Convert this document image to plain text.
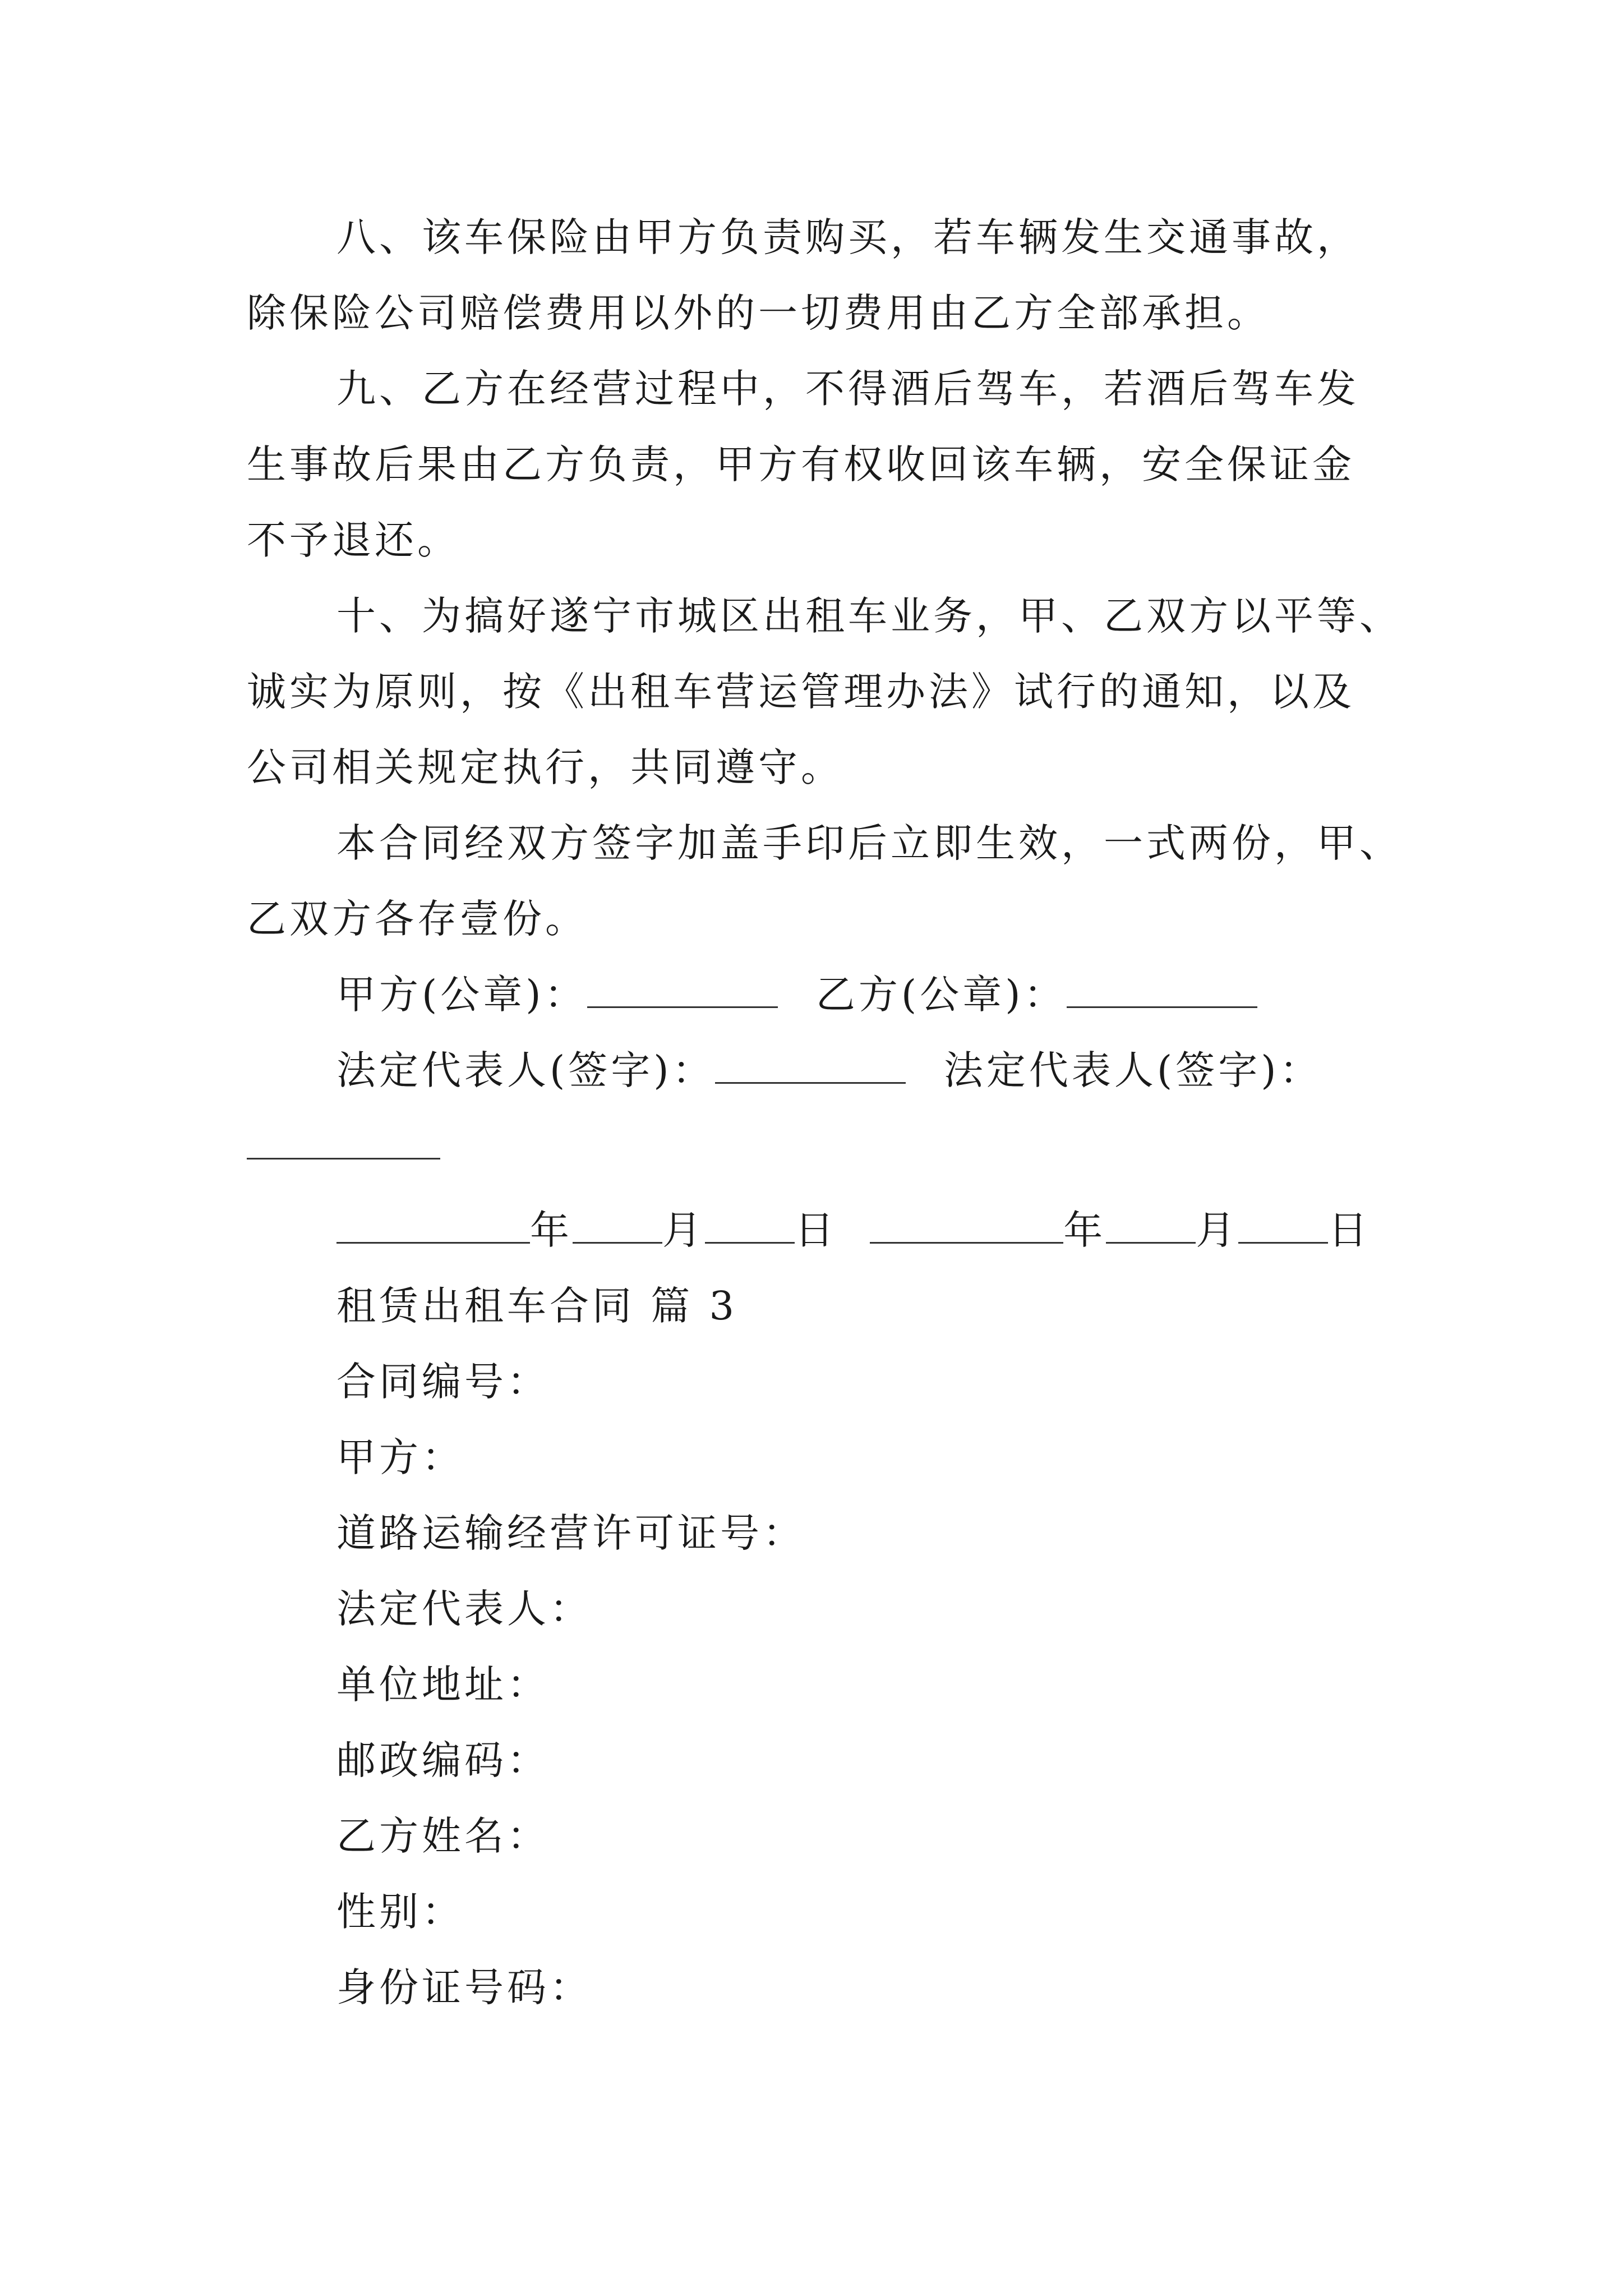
八、该车保险由甲方负责购买，若车辆发生交通事故，
除保险公司赔偿费用以外的一切费用由乙方全部承担。
九、乙方在经营过程中，不得酒后驾车，若酒后驾车发
生事故后果由乙方负责，甲方有权收回该车辆，安全保证金
不予退还。
十、为搞好遂宁市城区出租车业务，甲、乙双方以平等、
诚实为原则，按《出租车营运管理办法》试行的通知，以及
公司相关规定执行，共同遵守。
本合同经双方签字加盖手印后立即生效，一式两份，甲、
乙双方各存壹份。
甲方(公章)：	乙方(公章)：
法定代表人(签字)：	法定代表人(签字)：
年 月 日	年 月 日
租赁出租车合同 篇 3
合同编号：
甲方：
道路运输经营许可证号：
法定代表人：
单位地址：
邮政编码：
乙方姓名：
性别：
身份证号码：
